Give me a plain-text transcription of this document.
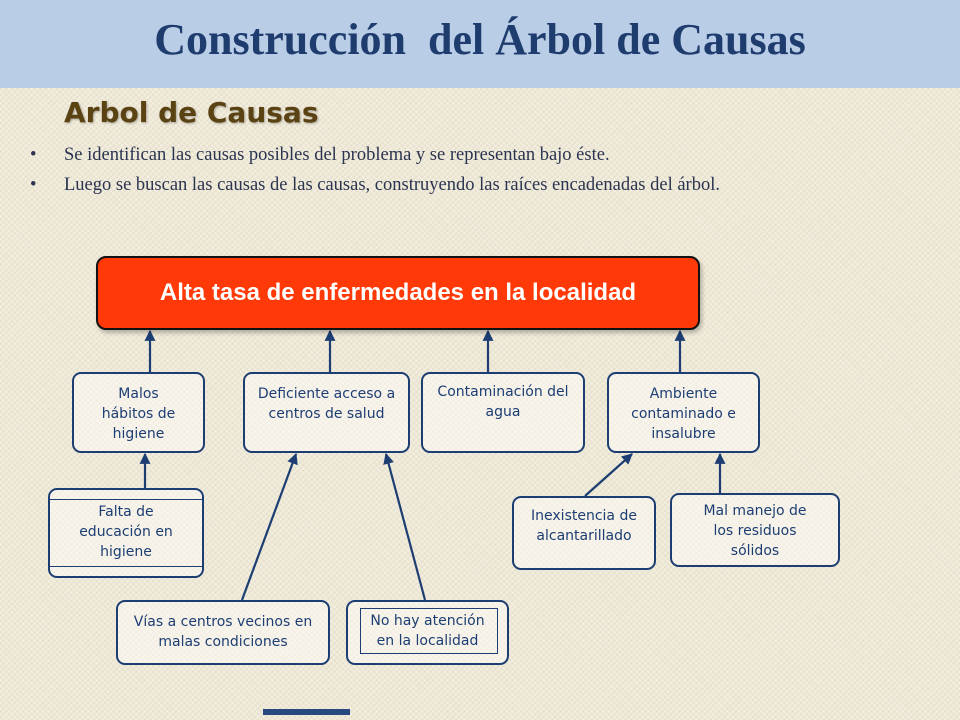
Construcción  del Árbol de Causas
Arbol de Causas
• Se identifican las causas posibles del problema y se representan bajo éste.
• Luego se buscan las causas de las causas, construyendo las raíces encadenadas del árbol.
Alta tasa de enfermedades en la localidad
Malos hábitos de higiene
Deficiente acceso a centros de salud
Contaminación del agua
Ambiente contaminado e insalubre
Falta de educación en higiene
Vías a centros vecinos en malas condiciones
No hay atención en la localidad
Inexistencia de alcantarillado
Mal manejo de los residuos sólidos
